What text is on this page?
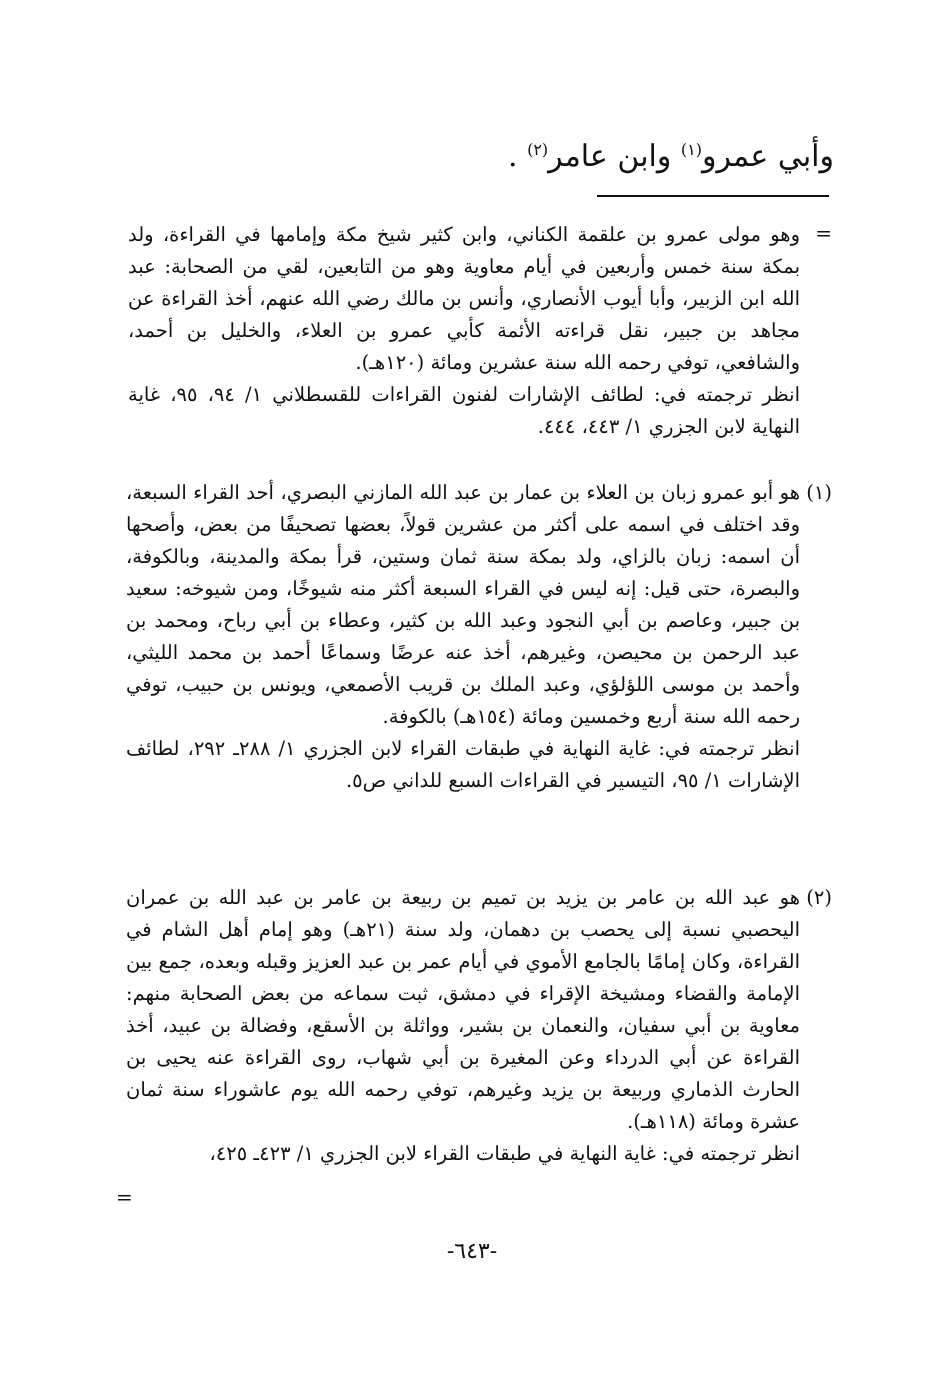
وأبي عمرو$^{(١)}$ وابن عامر$^{(٢)}$ .
=

وهو مولى عمرو بن علقمة الكناني، وابن كثير شيخ مكة وإمامها في القراءة، ولد بمكة سنة خمس وأربعين في أيام معاوية وهو من التابعين، لقي من الصحابة: عبد الله ابن الزبير، وأبا أيوب الأنصاري، وأنس بن مالك رضي الله عنهم، أخذ القراءة عن مجاهد بن جبير، نقل قراءته الأئمة كأبي عمرو بن العلاء، والخليل بن أحمد، والشافعي، توفي رحمه الله سنة عشرين ومائة (١٢٠هـ).

انظر ترجمته في: لطائف الإشارات لفنون القراءات للقسطلاني ١/ ٩٤، ٩٥، غاية النهاية لابن الجزري ١/ ٤٤٣، ٤٤٤.

(١)

هو أبو عمرو زبان بن العلاء بن عمار بن عبد الله المازني البصري، أحد القراء السبعة، وقد اختلف في اسمه على أكثر من عشرين قولاً، بعضها تصحيفًا من بعض، وأصحها أن اسمه: زبان بالزاي، ولد بمكة سنة ثمان وستين، قرأ بمكة والمدينة، وبالكوفة، والبصرة، حتى قيل: إنه ليس في القراء السبعة أكثر منه شيوخًا، ومن شيوخه: سعيد بن جبير، وعاصم بن أبي النجود وعبد الله بن كثير، وعطاء بن أبي رباح، ومحمد بن عبد الرحمن بن محيصن، وغيرهم، أخذ عنه عرضًا وسماعًا أحمد بن محمد الليثي، وأحمد بن موسى اللؤلؤي، وعبد الملك بن قريب الأصمعي، ويونس بن حبيب، توفي رحمه الله سنة أربع وخمسين ومائة (١٥٤هـ) بالكوفة.

انظر ترجمته في: غاية النهاية في طبقات القراء لابن الجزري ١/ ٢٨٨ـ ٢٩٢، لطائف الإشارات ١/ ٩٥، التيسير في القراءات السبع للداني ص٥.

(٢)

هو عبد الله بن عامر بن يزيد بن تميم بن ربيعة بن عامر بن عبد الله بن عمران اليحصبي نسبة إلى يحصب بن دهمان، ولد سنة (٢١هـ) وهو إمام أهل الشام في القراءة، وكان إمامًا بالجامع الأموي في أيام عمر بن عبد العزيز وقبله وبعده، جمع بين الإمامة والقضاء ومشيخة الإقراء في دمشق، ثبت سماعه من بعض الصحابة منهم: معاوية بن أبي سفيان، والنعمان بن بشير، وواثلة بن الأسقع، وفضالة بن عبيد، أخذ القراءة عن أبي الدرداء وعن المغيرة بن أبي شهاب، روى القراءة عنه يحيى بن الحارث الذماري وربيعة بن يزيد وغيرهم، توفي رحمه الله يوم عاشوراء سنة ثمان عشرة ومائة (١١٨هـ).

انظر ترجمته في: غاية النهاية في طبقات القراء لابن الجزري ١/ ٤٢٣ـ ٤٢٥،

=
-٦٤٣-
